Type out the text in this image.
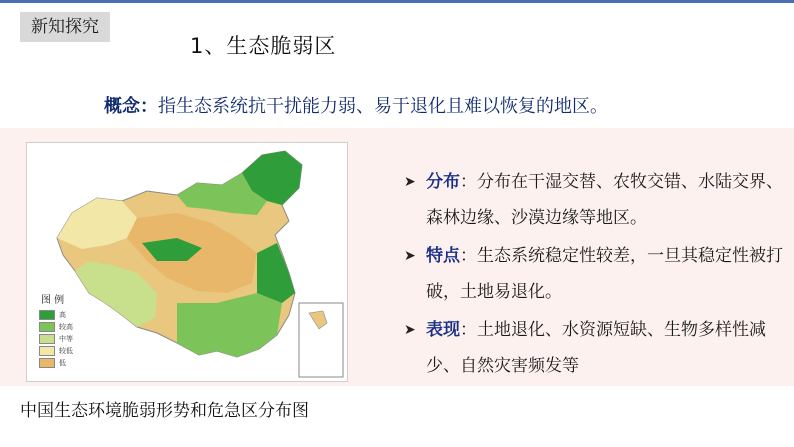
新知探究
1、生态脆弱区
概念：指生态系统抗干扰能力弱、易于退化且难以恢复的地区。
图 例
高
较高
中等
较低
低
➤ 分布：分布在干湿交替、农牧交错、水陆交界、森林边缘、沙漠边缘等地区。
➤ 特点：生态系统稳定性较差，一旦其稳定性被打破，土地易退化。
➤ 表现：土地退化、水资源短缺、生物多样性减少、自然灾害频发等
中国生态环境脆弱形势和危急区分布图
